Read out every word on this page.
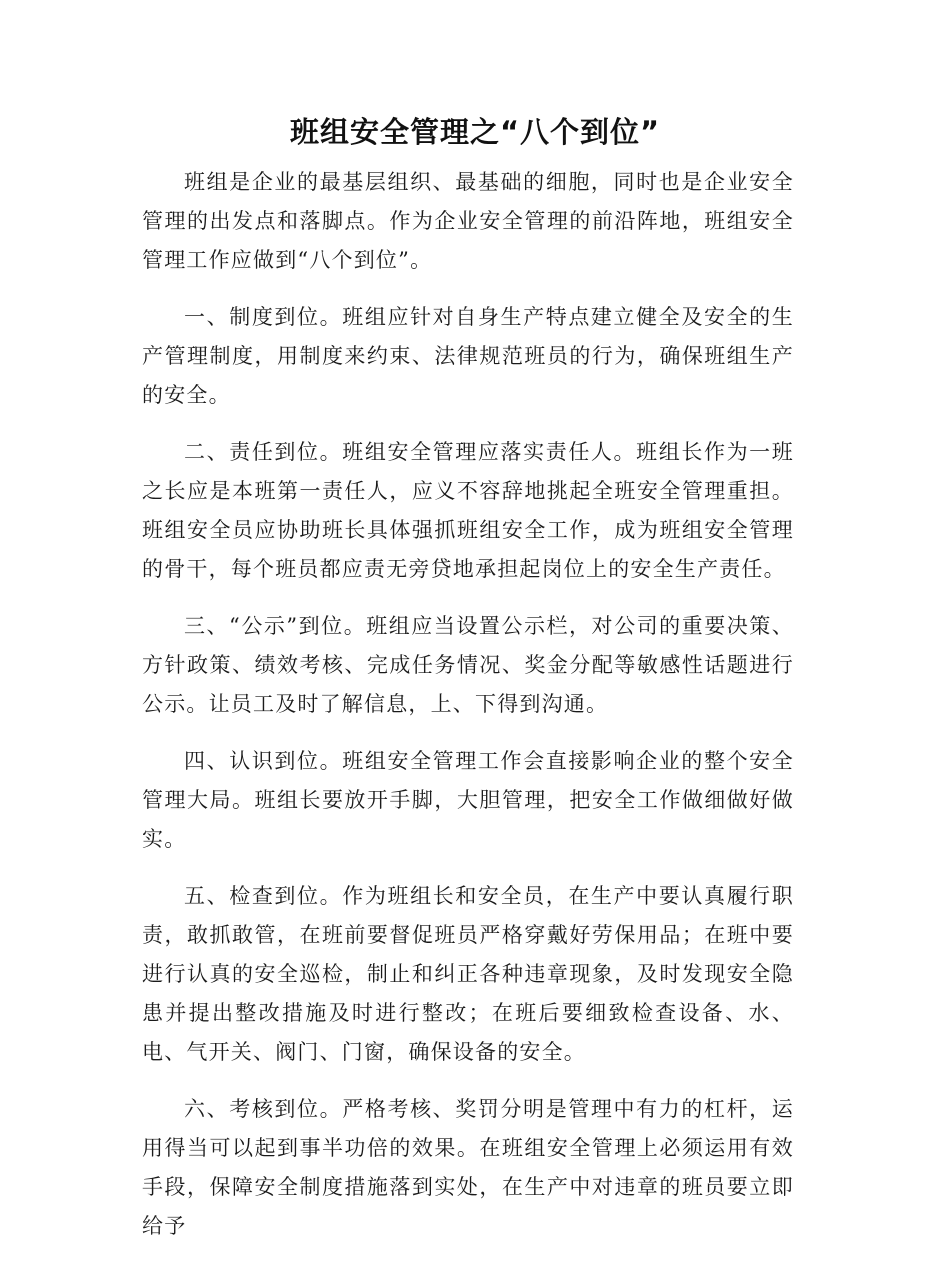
班组安全管理之“八个到位”

班组是企业的最基层组织、最基础的细胞，同时也是企业安全管理的出发点和落脚点。作为企业安全管理的前沿阵地，班组安全管理工作应做到“八个到位”。

一、制度到位。班组应针对自身生产特点建立健全及安全的生产管理制度，用制度来约束、法律规范班员的行为，确保班组生产的安全。

二、责任到位。班组安全管理应落实责任人。班组长作为一班之长应是本班第一责任人，应义不容辞地挑起全班安全管理重担。班组安全员应协助班长具体强抓班组安全工作，成为班组安全管理的骨干，每个班员都应责无旁贷地承担起岗位上的安全生产责任。

三、“公示”到位。班组应当设置公示栏，对公司的重要决策、方针政策、绩效考核、完成任务情况、奖金分配等敏感性话题进行公示。让员工及时了解信息，上、下得到沟通。

四、认识到位。班组安全管理工作会直接影响企业的整个安全管理大局。班组长要放开手脚，大胆管理，把安全工作做细做好做实。

五、检查到位。作为班组长和安全员，在生产中要认真履行职责，敢抓敢管，在班前要督促班员严格穿戴好劳保用品；在班中要进行认真的安全巡检，制止和纠正各种违章现象，及时发现安全隐患并提出整改措施及时进行整改；在班后要细致检查设备、水、电、气开关、阀门、门窗，确保设备的安全。

六、考核到位。严格考核、奖罚分明是管理中有力的杠杆，运用得当可以起到事半功倍的效果。在班组安全管理上必须运用有效手段，保障安全制度措施落到实处，在生产中对违章的班员要立即给予
